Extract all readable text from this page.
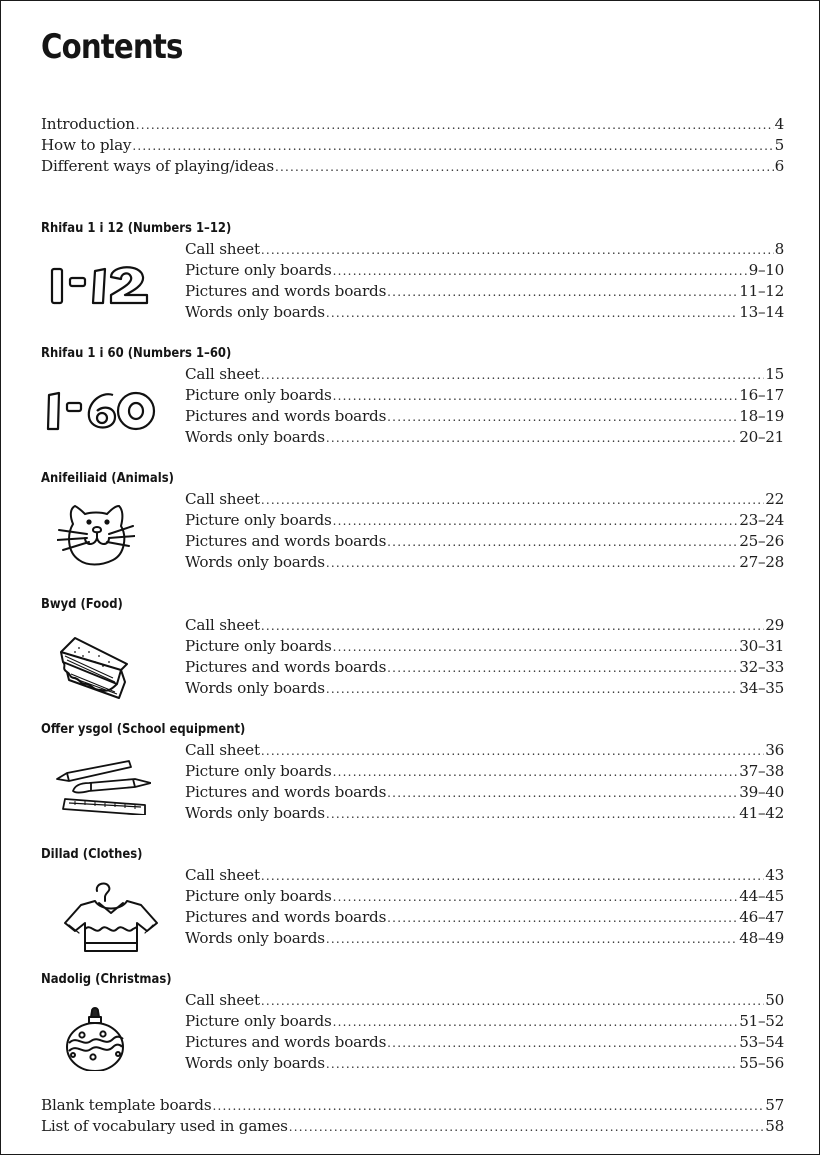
Contents
Introduction .....	4
How to play .....	5
Different ways of playing/ideas .....	6
Rhifau 1 i 12 (Numbers 1–12)
Call sheet .....	8
Picture only boards .....	9–10
Pictures and words boards .....	11–12
Words only boards .....	13–14
Rhifau 1 i 60 (Numbers 1–60)
Call sheet .....	15
Picture only boards .....	16–17
Pictures and words boards .....	18–19
Words only boards .....	20–21
Anifeiliaid (Animals)
Call sheet .....	22
Picture only boards .....	23–24
Pictures and words boards .....	25–26
Words only boards .....	27–28
Bwyd (Food)
Call sheet .....	29
Picture only boards .....	30–31
Pictures and words boards .....	32–33
Words only boards .....	34–35
Offer ysgol (School equipment)
Call sheet .....	36
Picture only boards .....	37–38
Pictures and words boards .....	39–40
Words only boards .....	41–42
Dillad (Clothes)
Call sheet .....	43
Picture only boards .....	44–45
Pictures and words boards .....	46–47
Words only boards .....	48–49
Nadolig (Christmas)
Call sheet .....	50
Picture only boards .....	51–52
Pictures and words boards .....	53–54
Words only boards .....	55–56
Blank template boards .....	57
List of vocabulary used in games .....	58
